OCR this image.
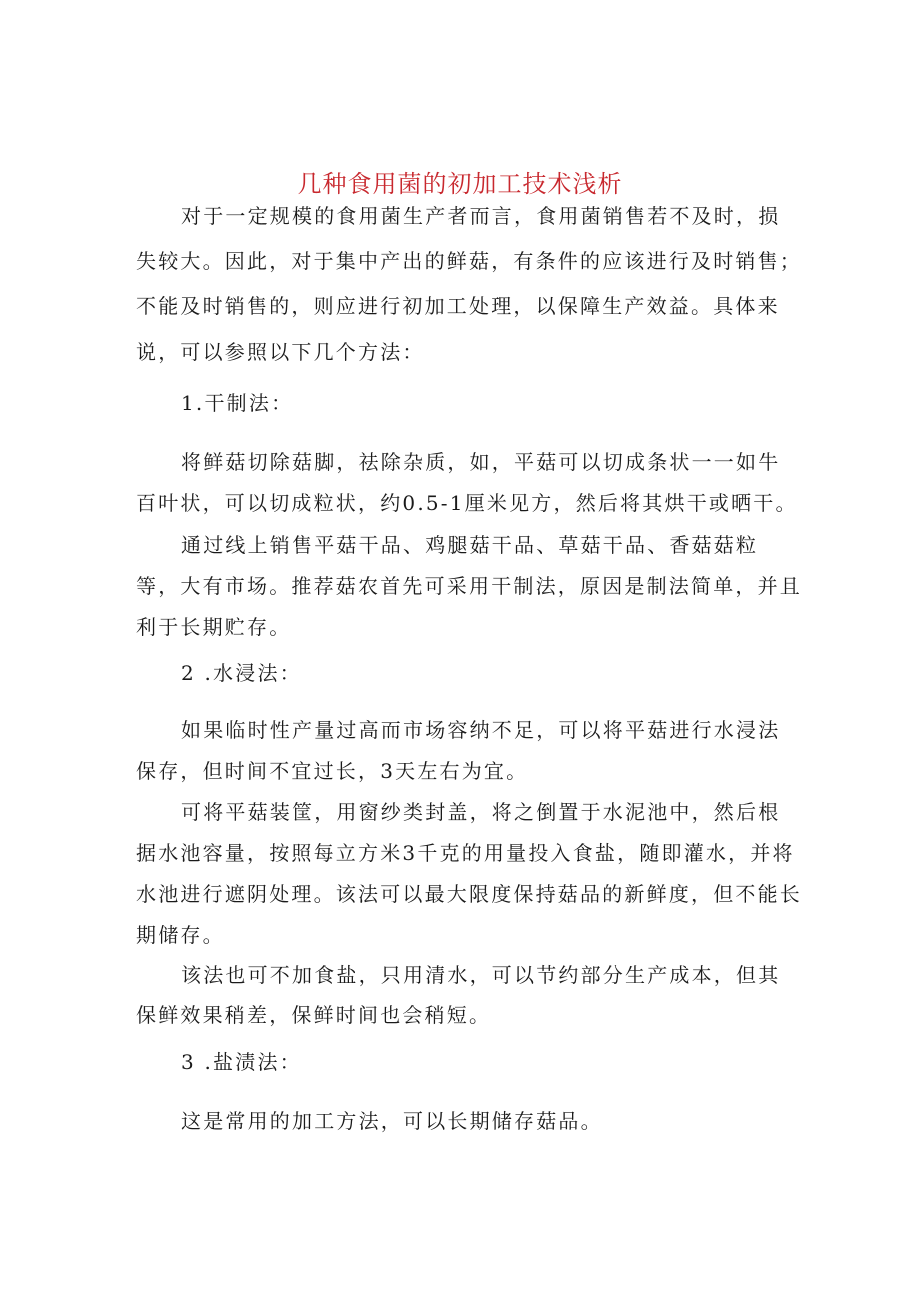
几种食用菌的初加工技术浅析
对于一定规模的食用菌生产者而言，食用菌销售若不及时，损
失较大。因此，对于集中产出的鲜菇，有条件的应该进行及时销售；
不能及时销售的，则应进行初加工处理，以保障生产效益。具体来
说，可以参照以下几个方法：
1.干制法：
将鲜菇切除菇脚，祛除杂质，如，平菇可以切成条状一一如牛
百叶状，可以切成粒状，约0.5-1厘米见方，然后将其烘干或晒干。
通过线上销售平菇干品、鸡腿菇干品、草菇干品、香菇菇粒
等，大有市场。推荐菇农首先可采用干制法，原因是制法简单，并且
利于长期贮存。
2 .水浸法：
如果临时性产量过高而市场容纳不足，可以将平菇进行水浸法
保存，但时间不宜过长，3天左右为宜。
可将平菇装筐，用窗纱类封盖，将之倒置于水泥池中，然后根
据水池容量，按照每立方米3千克的用量投入食盐，随即灌水，并将
水池进行遮阴处理。该法可以最大限度保持菇品的新鲜度，但不能长
期储存。
该法也可不加食盐，只用清水，可以节约部分生产成本，但其
保鲜效果稍差，保鲜时间也会稍短。
3 .盐渍法：
这是常用的加工方法，可以长期储存菇品。
